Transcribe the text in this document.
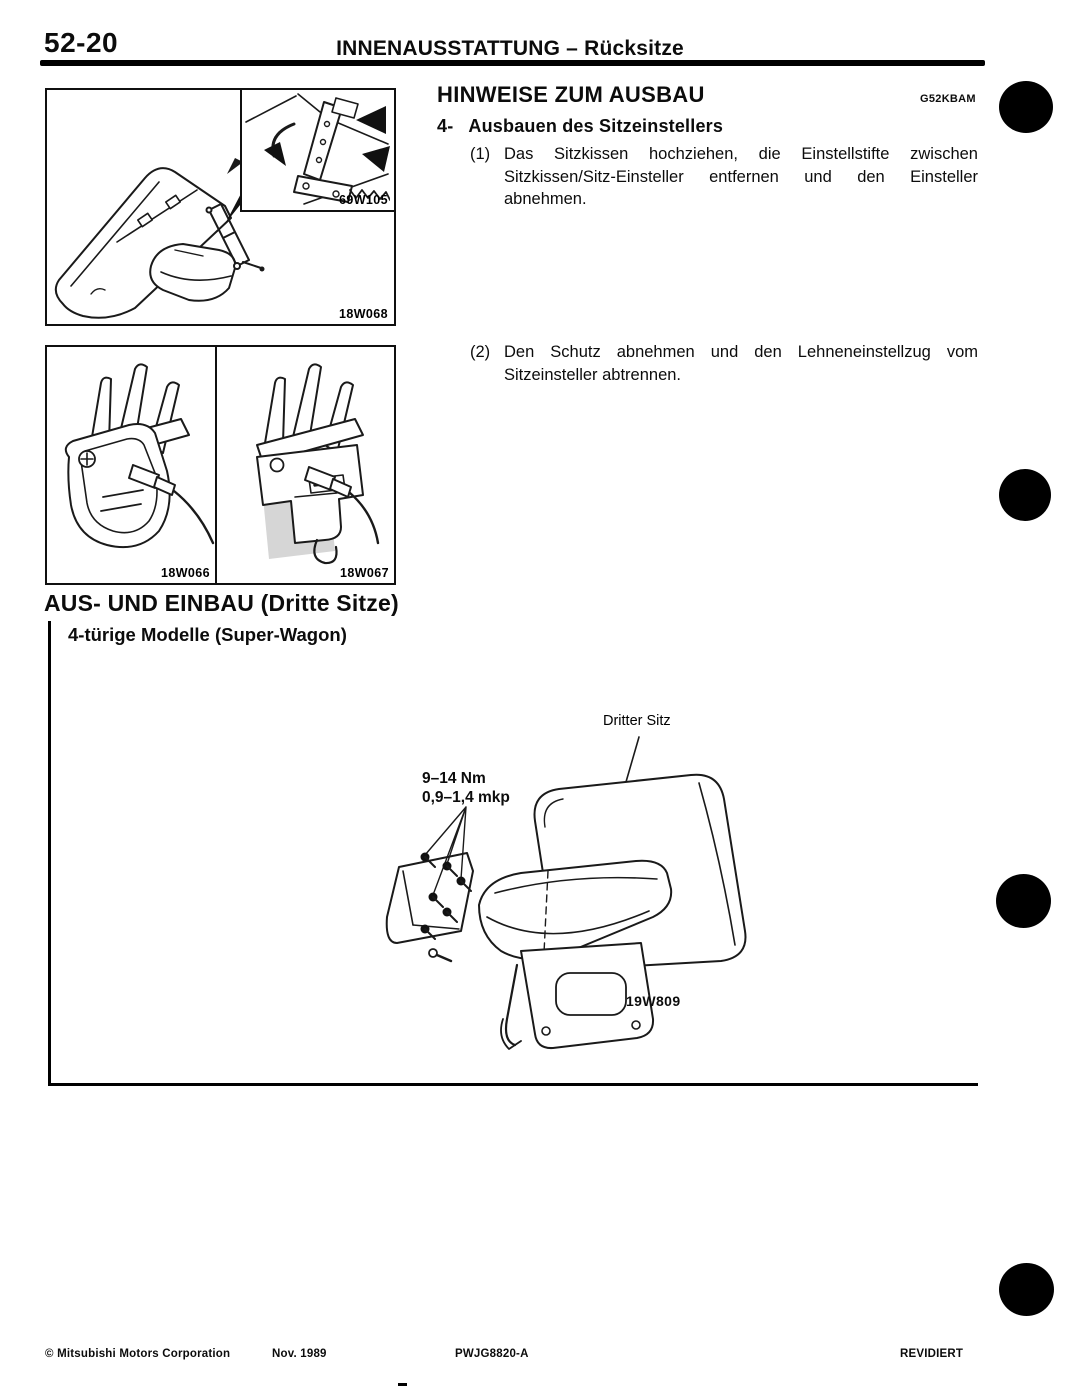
52-20	INNENAUSSTATTUNG – Rücksitze
69W105
18W068
18W066	18W067
HINWEISE ZUM AUSBAU	G52KBAM
4- Ausbauen des Sitzeinstellers
(1) Das Sitzkissen hochziehen, die Einstellstifte zwischen Sitzkissen/Sitz-Einsteller entfernen und den Einsteller abnehmen.
(2) Den Schutz abnehmen und den Lehneneinstellzug vom Sitzeinsteller abtrennen.
AUS- UND EINBAU (Dritte Sitze)
4-türige Modelle (Super-Wagon)
Dritter Sitz
9–14 Nm
0,9–1,4 mkp
19W809
© Mitsubishi Motors Corporation	Nov. 1989	PWJG8820-A	REVIDIERT
